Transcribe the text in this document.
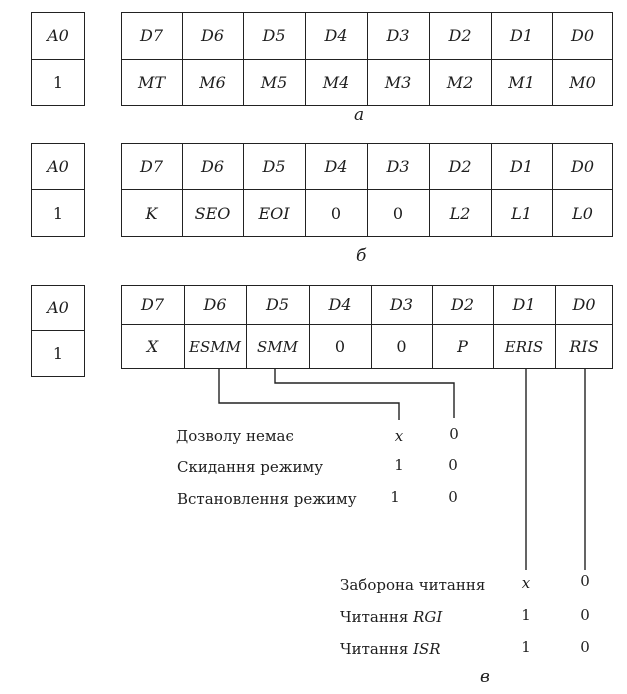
A0
1
D7	D6	D5	D4	D3	D2	D1	D0
MT	M6	M5	M4	M3	M2	M1	M0
а
A0
1
D7	D6	D5	D4	D3	D2	D1	D0
K	SEO	EOI	0	0	L2	L1	L0
б
A0
1
D7	D6	D5	D4	D3	D2	D1	D0
X	ESMM	SMM	0	0	P	ERIS	RIS
Дозволу немає	x	0
Скидання режиму	1	0
Встановлення режиму	1	0
Заборона читання	x	0
Читання RGI	1	0
Читання ISR	1	0
в
